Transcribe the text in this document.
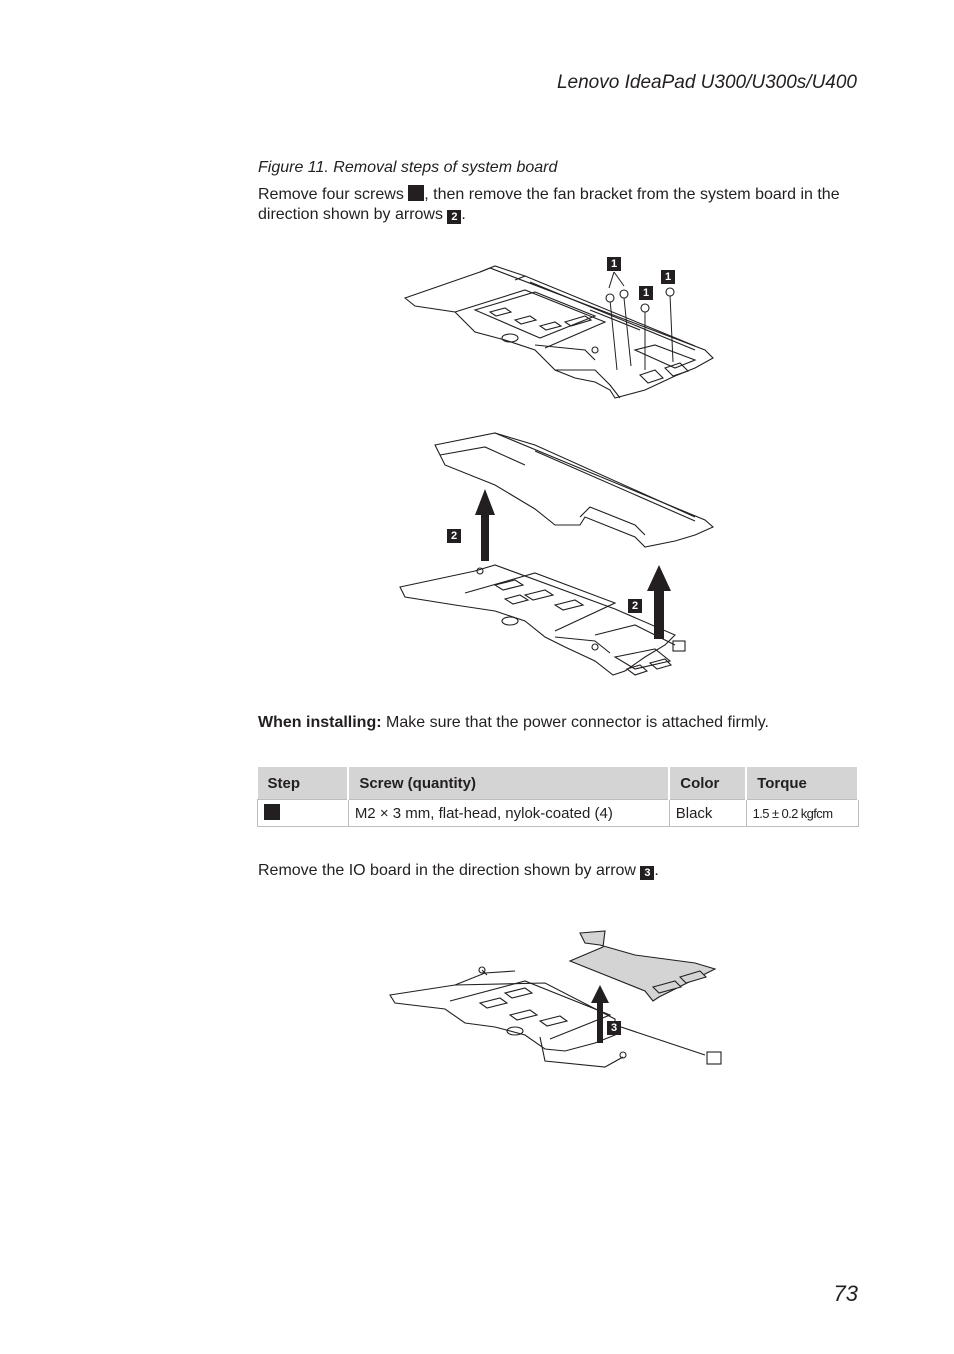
Lenovo IdeaPad U300/U300s/U400
Figure 11. Removal steps of system board
Remove four screws , then remove the fan bracket from the system board in the direction shown by arrows 2 .
1
1
1
2
2
When installing: Make sure that the power connector is attached firmly.
Step	Screw (quantity)	Color	Torque
	M2 × 3 mm, flat-head, nylok-coated (4)	Black	1.5 ± 0.2 kgfcm
Remove the IO board in the direction shown by arrow 3 .
3
73
